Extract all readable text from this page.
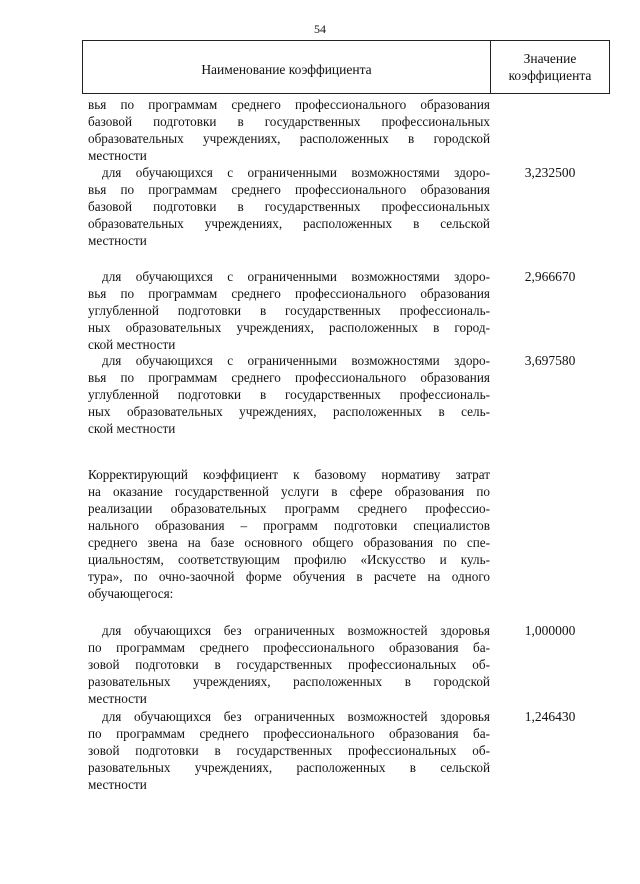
54
Наименование коэффициента
Значение
коэффициента
вья по программам среднего профессионального образования
базовой подготовки в государственных профессиональных
образовательных учреждениях, расположенных в городской
местности
для обучающихся с ограниченными возможностями здоро-
вья по программам среднего профессионального образования
базовой подготовки в государственных профессиональных
образовательных учреждениях, расположенных в сельской
местности
3,232500
для обучающихся с ограниченными возможностями здоро-
вья по программам среднего профессионального образования
углубленной подготовки в государственных профессиональ-
ных образовательных учреждениях, расположенных в город-
ской местности
2,966670
для обучающихся с ограниченными возможностями здоро-
вья по программам среднего профессионального образования
углубленной подготовки в государственных профессиональ-
ных образовательных учреждениях, расположенных в сель-
ской местности
3,697580
Корректирующий коэффициент к базовому нормативу затрат
на оказание государственной услуги в сфере образования по
реализации образовательных программ среднего профессио-
нального образования – программ подготовки специалистов
среднего звена на базе основного общего образования по спе-
циальностям, соответствующим профилю «Искусство и куль-
тура», по очно-заочной форме обучения в расчете на одного
обучающегося:
для обучающихся без ограниченных возможностей здоровья
по программам среднего профессионального образования ба-
зовой подготовки в государственных профессиональных об-
разовательных учреждениях, расположенных в городской
местности
1,000000
для обучающихся без ограниченных возможностей здоровья
по программам среднего профессионального образования ба-
зовой подготовки в государственных профессиональных об-
разовательных учреждениях, расположенных в сельской
местности
1,246430
